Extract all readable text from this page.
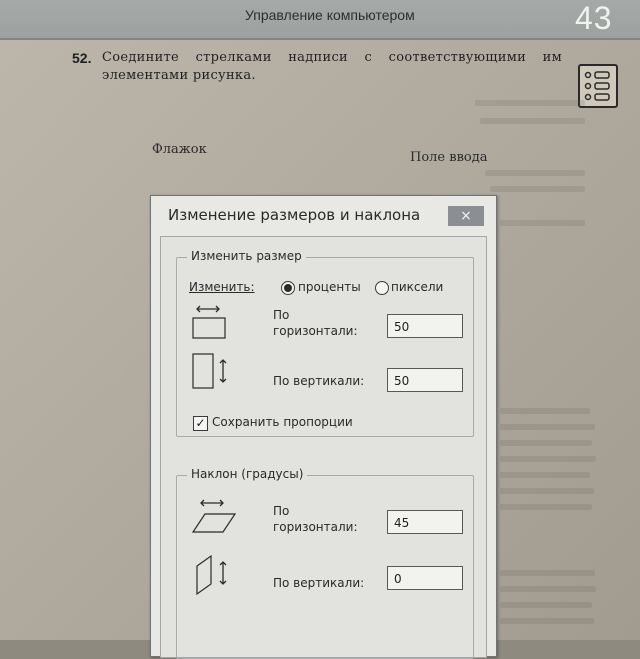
Управление компьютером	43
52. Соедините стрелками надписи с соответствующими им элементами рисунка.
Флажок
Поле ввода
Изменение размеров и наклона	×
Изменить размер
Изменить:	проценты	пиксели
По
горизонтали:	50
По вертикали:	50
✓ Сохранить пропорции
Наклон (градусы)
По
горизонтали:	45
По вертикали:	0
